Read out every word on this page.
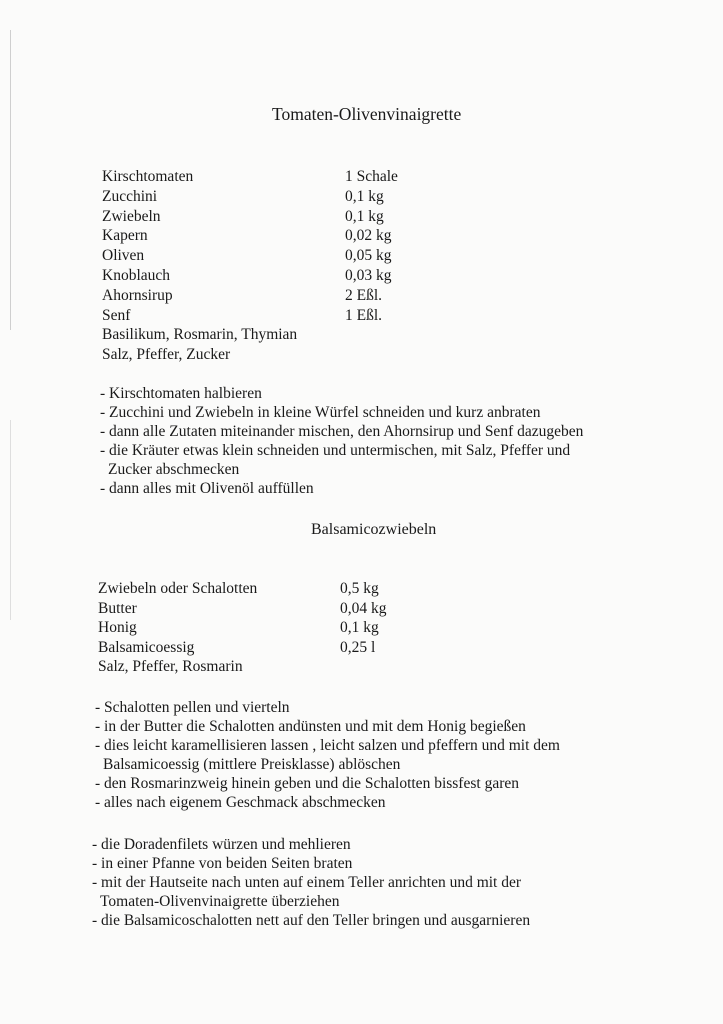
Tomaten-Olivenvinaigrette
Kirschtomaten	1 Schale
Zucchini	0,1 kg
Zwiebeln	0,1 kg
Kapern	0,02 kg
Oliven	0,05 kg
Knoblauch	0,03 kg
Ahornsirup	2 Eßl.
Senf	1 Eßl.
Basilikum, Rosmarin, Thymian
Salz, Pfeffer, Zucker
- Kirschtomaten halbieren
- Zucchini und Zwiebeln in kleine Würfel schneiden und kurz anbraten
- dann alle Zutaten miteinander mischen, den Ahornsirup und Senf dazugeben
- die Kräuter etwas klein schneiden und untermischen, mit Salz, Pfeffer und
Zucker abschmecken
- dann alles mit Olivenöl auffüllen
Balsamicozwiebeln
Zwiebeln oder Schalotten	0,5 kg
Butter	0,04 kg
Honig	0,1 kg
Balsamicoessig	0,25 l
Salz, Pfeffer, Rosmarin
- Schalotten pellen und vierteln
- in der Butter die Schalotten andünsten und mit dem Honig begießen
- dies leicht karamellisieren lassen , leicht salzen und pfeffern und mit dem
Balsamicoessig (mittlere Preisklasse) ablöschen
- den Rosmarinzweig hinein geben und die Schalotten bissfest garen
- alles nach eigenem Geschmack abschmecken
- die Doradenfilets würzen und mehlieren
- in einer Pfanne von beiden Seiten braten
- mit der Hautseite nach unten auf einem Teller anrichten und mit der
Tomaten-Olivenvinaigrette überziehen
- die Balsamicoschalotten nett auf den Teller bringen und ausgarnieren
